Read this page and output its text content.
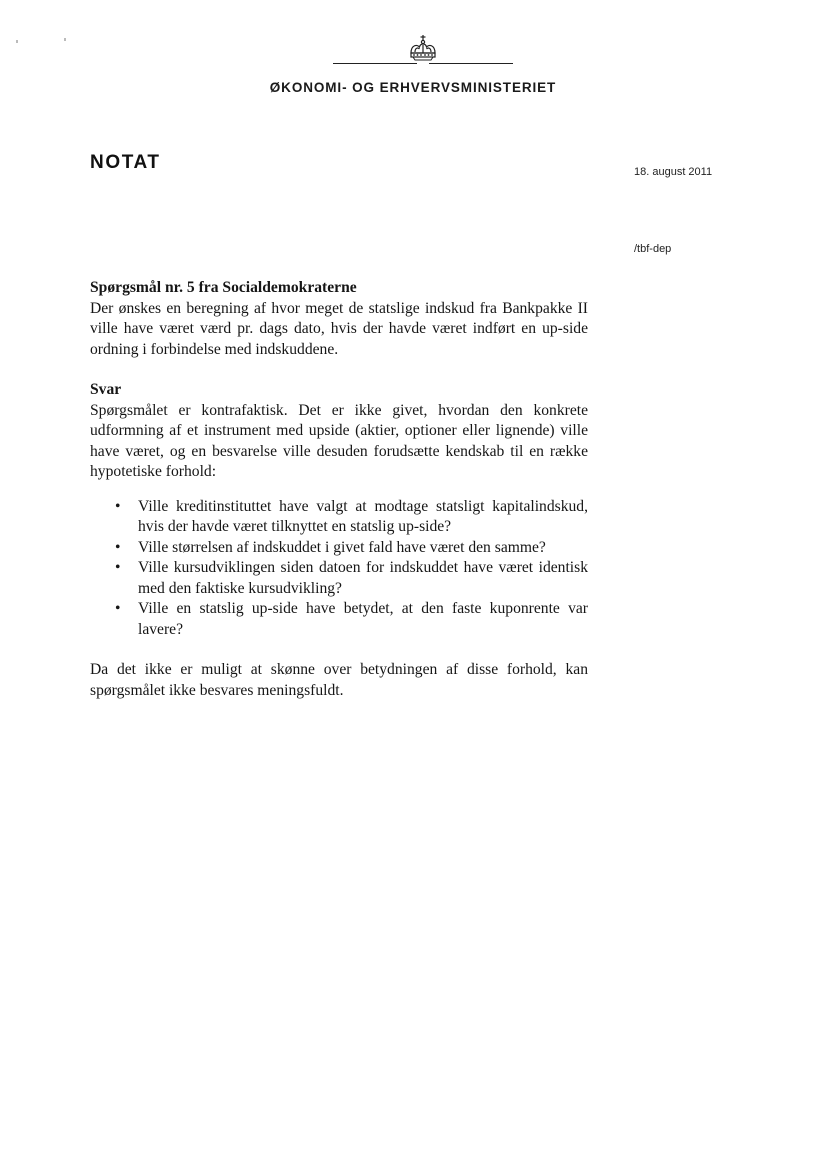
ØKONOMI- OG ERHVERVSMINISTERIET
NOTAT	18. august 2011
/tbf-dep

Spørgsmål nr. 5 fra Socialdemokraterne

Der ønskes en beregning af hvor meget de statslige indskud fra Bankpakke II ville have været værd pr. dags dato, hvis der havde været indført en up-side ordning i forbindelse med indskuddene.

Svar

Spørgsmålet er kontrafaktisk. Det er ikke givet, hvordan den konkrete udformning af et instrument med upside (aktier, optioner eller lignende) ville have været, og en besvarelse ville desuden forudsætte kendskab til en række hypotetiske forhold:

• Ville kreditinstituttet have valgt at modtage statsligt kapitalindskud, hvis der havde været tilknyttet en statslig up-side?
• Ville størrelsen af indskuddet i givet fald have været den samme?
• Ville kursudviklingen siden datoen for indskuddet have været identisk med den faktiske kursudvikling?
• Ville en statslig up-side have betydet, at den faste kuponrente var lavere?

Da det ikke er muligt at skønne over betydningen af disse forhold, kan spørgsmålet ikke besvares meningsfuldt.
